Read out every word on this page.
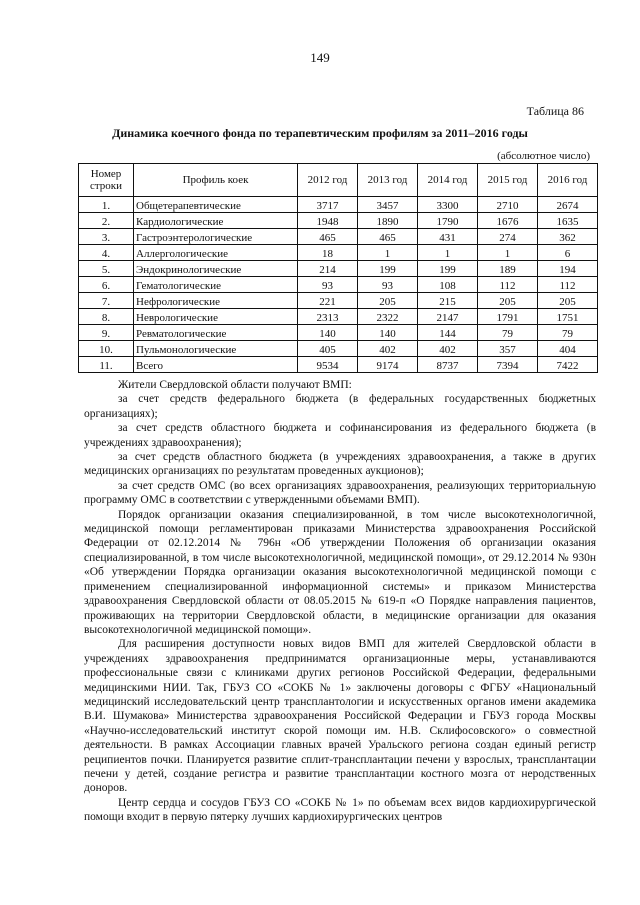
149
Таблица 86
Динамика коечного фонда по терапевтическим профилям за 2011–2016 годы
(абсолютное число)
Номер строки	Профиль коек	2012 год	2013 год	2014 год	2015 год	2016 год
1.	Общетерапевтические	3717	3457	3300	2710	2674
2.	Кардиологические	1948	1890	1790	1676	1635
3.	Гастроэнтерологические	465	465	431	274	362
4.	Аллергологические	18	1	1	1	6
5.	Эндокринологические	214	199	199	189	194
6.	Гематологические	93	93	108	112	112
7.	Нефрологические	221	205	215	205	205
8.	Неврологические	2313	2322	2147	1791	1751
9.	Ревматологические	140	140	144	79	79
10.	Пульмонологические	405	402	402	357	404
11.	Всего	9534	9174	8737	7394	7422

Жители Свердловской области получают ВМП:

за счет средств федерального бюджета (в федеральных государственных бюджетных организациях);

за счет средств областного бюджета и софинансирования из федерального бюджета (в учреждениях здравоохранения);

за счет средств областного бюджета (в учреждениях здравоохранения, а также в других медицинских организациях по результатам проведенных аукционов);

за счет средств ОМС (во всех организациях здравоохранения, реализующих территориальную программу ОМС в соответствии с утвержденными объемами ВМП).

Порядок организации оказания специализированной, в том числе высокотехнологичной, медицинской помощи регламентирован приказами Министерства здравоохранения Российской Федерации от 02.12.2014 № 796н «Об утверждении Положения об организации оказания специализированной, в том числе высокотехнологичной, медицинской помощи», от 29.12.2014 № 930н «Об утверждении Порядка организации оказания высокотехнологичной медицинской помощи с применением специализированной информационной системы» и приказом Министерства здравоохранения Свердловской области от 08.05.2015 № 619-п «О Порядке направления пациентов, проживающих на территории Свердловской области, в медицинские организации для оказания высокотехнологичной медицинской помощи».

Для расширения доступности новых видов ВМП для жителей Свердловской области в учреждениях здравоохранения предприниматся организационные меры, устанавливаются профессиональные связи с клиниками других регионов Российской Федерации, федеральными медицинскими НИИ. Так, ГБУЗ СО «СОКБ № 1» заключены договоры с ФГБУ «Национальный медицинский исследовательский центр трансплантологии и искусственных органов имени академика В.И. Шумакова» Министерства здравоохранения Российской Федерации и ГБУЗ города Москвы «Научно-исследовательский институт скорой помощи им. Н.В. Склифосовского» о совместной деятельности. В рамках Ассоциации главных врачей Уральского региона создан единый регистр реципиентов почки. Планируется развитие сплит-трансплантации печени у взрослых, трансплантации печени у детей, создание регистра и развитие трансплантации костного мозга от неродственных доноров.

Центр сердца и сосудов ГБУЗ СО «СОКБ № 1» по объемам всех видов кардиохирургической помощи входит в первую пятерку лучших кардиохирургических центров
